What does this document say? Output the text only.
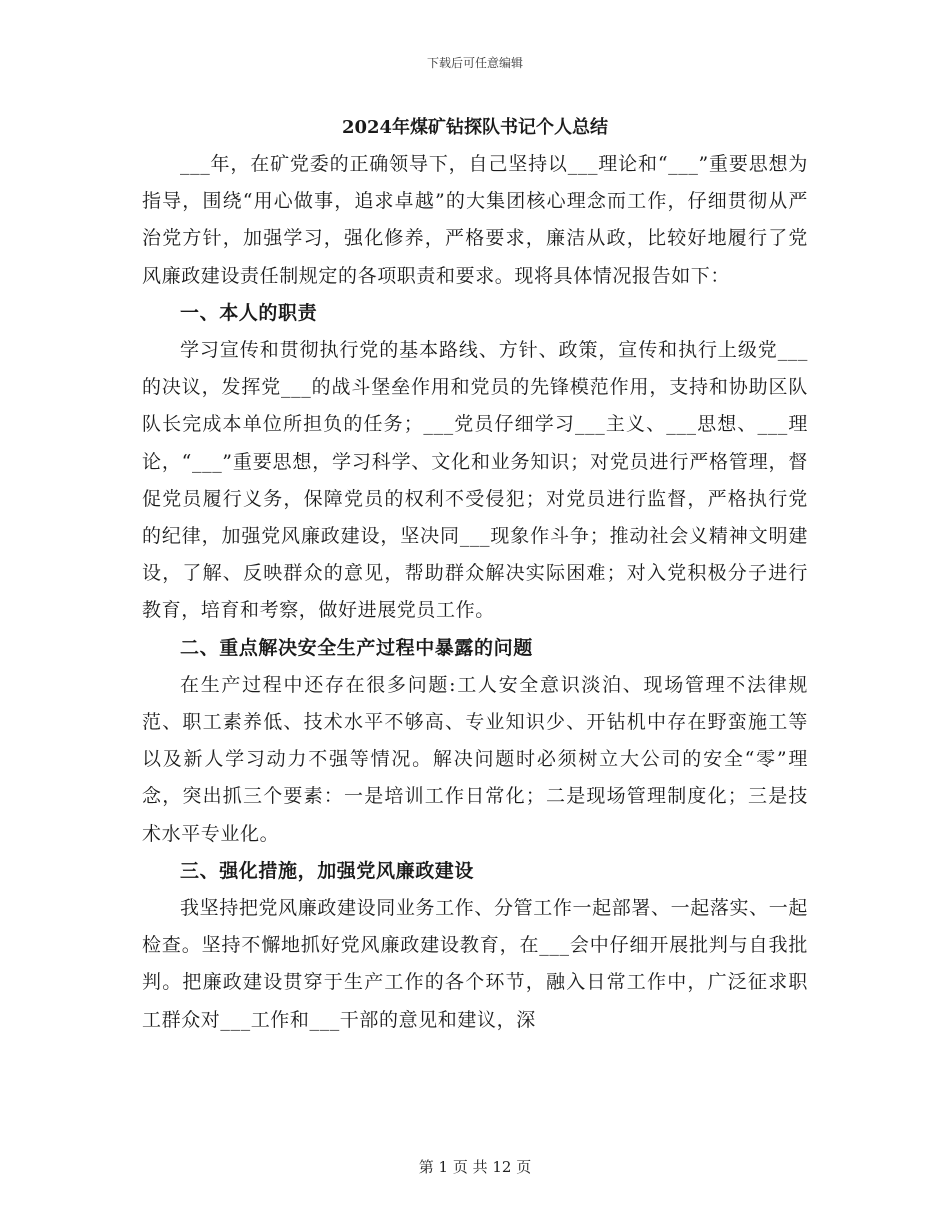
下载后可任意编辑
2024年煤矿钻探队书记个人总结

___年，在矿党委的正确领导下，自己坚持以___理论和“___”重要思想为指导，围绕“用心做事，追求卓越”的大集团核心理念而工作，仔细贯彻从严治党方针，加强学习，强化修养，严格要求，廉洁从政，比较好地履行了党风廉政建设责任制规定的各项职责和要求。现将具体情况报告如下：

一、本人的职责

学习宣传和贯彻执行党的基本路线、方针、政策，宣传和执行上级党___的决议，发挥党___的战斗堡垒作用和党员的先锋模范作用，支持和协助区队队长完成本单位所担负的任务；___党员仔细学习___主义、___思想、___理论，“___”重要思想，学习科学、文化和业务知识；对党员进行严格管理，督促党员履行义务，保障党员的权利不受侵犯；对党员进行监督，严格执行党的纪律，加强党风廉政建设，坚决同___现象作斗争；推动社会义精神文明建设，了解、反映群众的意见，帮助群众解决实际困难；对入党积极分子进行教育，培育和考察，做好进展党员工作。

二、重点解决安全生产过程中暴露的问题

在生产过程中还存在很多问题:工人安全意识淡泊、现场管理不法律规范、职工素养低、技术水平不够高、专业知识少、开钻机中存在野蛮施工等以及新人学习动力不强等情况。解决问题时必须树立大公司的安全“零”理念，突出抓三个要素：一是培训工作日常化；二是现场管理制度化；三是技术水平专业化。

三、强化措施，加强党风廉政建设

我坚持把党风廉政建设同业务工作、分管工作一起部署、一起落实、一起检查。坚持不懈地抓好党风廉政建设教育，在___会中仔细开展批判与自我批判。把廉政建设贯穿于生产工作的各个环节，融入日常工作中，广泛征求职工群众对___工作和___干部的意见和建议，深

第 1 页 共 12 页
